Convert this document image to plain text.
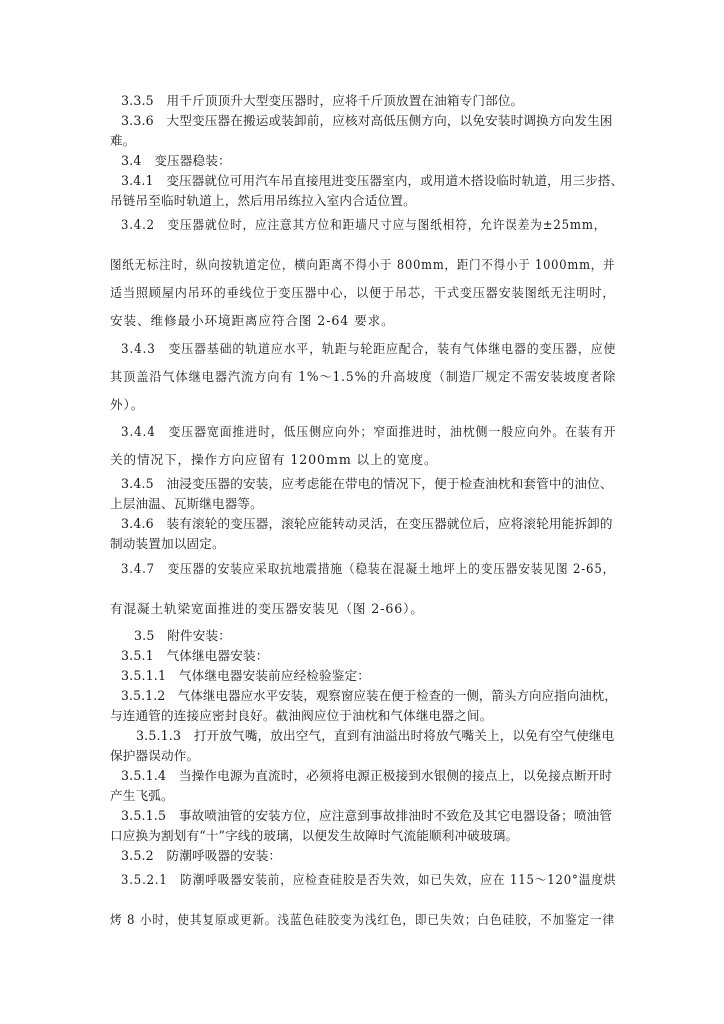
3.3.5　用千斤顶顶升大型变压器时，应将千斤顶放置在油箱专门部位。
3.3.6　大型变压器在搬运或装卸前，应核对高低压侧方向，以免安装时调换方向发生困
难。
3.4　变压器稳装：
3.4.1　变压器就位可用汽车吊直接甩进变压器室内，或用道木搭设临时轨道，用三步搭、
吊链吊至临时轨道上，然后用吊练拉入室内合适位置。
3.4.2　变压器就位时，应注意其方位和距墙尺寸应与图纸相符，允许误差为±25mm，
图纸无标注时，纵向按轨道定位，横向距离不得小于 800mm，距门不得小于 1000mm，并
适当照顾屋内吊环的垂线位于变压器中心，以便于吊芯，干式变压器安装图纸无注明时，
安装、维修最小环境距离应符合图 2-64 要求。
3.4.3　变压器基础的轨道应水平，轨距与轮距应配合，装有气体继电器的变压器，应使
其顶盖沿气体继电器汽流方向有 1%～1.5%的升高坡度（制造厂规定不需安装坡度者除
外）。
3.4.4　变压器宽面推进时，低压侧应向外；窄面推进时，油枕侧一般应向外。在装有开
关的情况下，操作方向应留有 1200mm 以上的宽度。
3.4.5　油浸变压器的安装，应考虑能在带电的情况下，便于检查油枕和套管中的油位、
上层油温、瓦斯继电器等。
3.4.6　装有滚轮的变压器，滚轮应能转动灵活，在变压器就位后，应将滚轮用能拆卸的
制动装置加以固定。
3.4.7　变压器的安装应采取抗地震措施（稳装在混凝土地坪上的变压器安装见图 2-65，
有混凝土轨梁宽面推进的变压器安装见（图 2-66）。
3.5　附件安装：
3.5.1　气体继电器安装：
3.5.1.1　气体继电器安装前应经检验鉴定：
3.5.1.2　气体继电器应水平安装，观察窗应装在便于检查的一侧，箭头方向应指向油枕，
与连通管的连接应密封良好。截油阀应位于油枕和气体继电器之间。
3.5.1.3　打开放气嘴，放出空气，直到有油溢出时将放气嘴关上，以免有空气使继电
保护器误动作。
3.5.1.4　当操作电源为直流时，必须将电源正极接到水银侧的接点上，以免接点断开时
产生飞弧。
3.5.1.5　事故喷油管的安装方位，应注意到事故排油时不致危及其它电器设备；喷油管
口应换为割划有“十”字线的玻璃，以便发生故障时气流能顺利冲破玻璃。
3.5.2　防潮呼吸器的安装：
3.5.2.1　防潮呼吸器安装前，应检查硅胶是否失效，如已失效，应在 115～120°温度烘
烤 8 小时，使其复原或更新。浅蓝色硅胶变为浅红色，即已失效；白色硅胶，不加鉴定一律
